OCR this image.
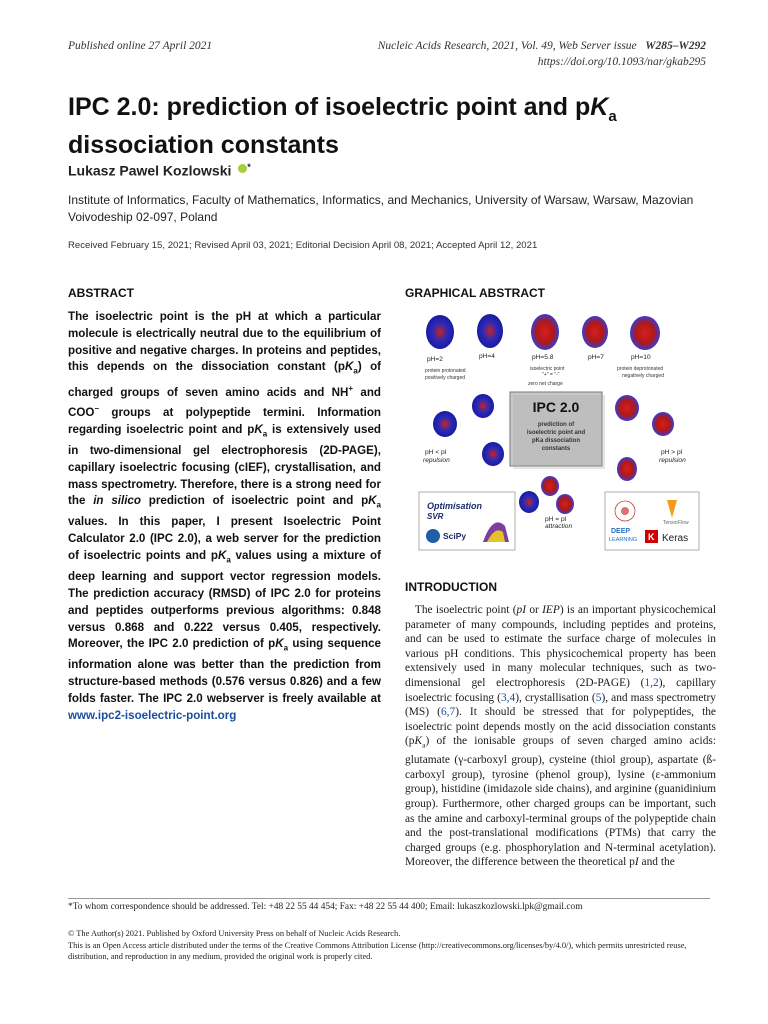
Published online 27 April 2021	Nucleic Acids Research, 2021, Vol. 49, Web Server issue W285–W292
https://doi.org/10.1093/nar/gkab295
IPC 2.0: prediction of isoelectric point and $pK_a$
dissociation constants
Lukasz Pawel Kozlowski *
Institute of Informatics, Faculty of Mathematics, Informatics, and Mechanics, University of Warsaw, Warsaw, Mazovian Voivodeship 02-097, Poland
Received February 15, 2021; Revised April 03, 2021; Editorial Decision April 08, 2021; Accepted April 12, 2021
ABSTRACT
The isoelectric point is the pH at which a particular molecule is electrically neutral due to the equilibrium of positive and negative charges. In proteins and peptides, this depends on the dissociation constant $(pK_a)$ of charged groups of seven amino acids and NH+ and COO− groups at polypeptide termini. Information regarding isoelectric point and $pK_a$ is extensively used in two-dimensional gel electrophoresis (2D-PAGE), capillary isoelectric focusing (cIEF), crystallisation, and mass spectrometry. Therefore, there is a strong need for the in silico prediction of isoelectric point and $pK_a$ values. In this paper, I present Isoelectric Point Calculator 2.0 (IPC 2.0), a web server for the prediction of isoelectric points and $pK_a$ values using a mixture of deep learning and support vector regression models. The prediction accuracy (RMSD) of IPC 2.0 for proteins and peptides outperforms previous algorithms: 0.848 versus 0.868 and 0.222 versus 0.405, respectively. Moreover, the IPC 2.0 prediction of $pK_a$ using sequence information alone was better than the prediction from structure-based methods (0.576 versus 0.826) and a few folds faster. The IPC 2.0 webserver is freely available at www.ipc2-isoelectric-point.org
GRAPHICAL ABSTRACT
pH=2	pH=4	pH=5.8	pH=7	pH=10
protein protonated
positively charged
isoelectric point
"+" = "-"
zero net charge
protein deprotonated
negatively charged
IPC 2.0
prediction of
isoelectric point and
pKa dissociation
constants
pH < pI
repulsion
pH > pI
repulsion
pH = pI
attraction
Optimisation
SVR
SciPy
TensorFlow
DEEP
LEARNING K Keras
INTRODUCTION
The isoelectric point (pI or IEP) is an important physicochemical parameter of many compounds, including peptides and proteins, and can be used to estimate the surface charge of molecules in various pH conditions. This physicochemical property has been extensively used in many molecular techniques, such as two-dimensional gel electrophoresis (2D-PAGE) (1,2), capillary isoelectric focusing (3,4), crystallisation (5), and mass spectrometry (MS) (6,7). It should be stressed that for polypeptides, the isoelectric point depends mostly on the acid dissociation constants $(pK_a)$ of the ionisable groups of seven charged amino acids: glutamate (γ-carboxyl group), cysteine (thiol group), aspartate (ß-carboxyl group), tyrosine (phenol group), lysine (ε-ammonium group), histidine (imidazole side chains), and arginine (guanidinium group). Furthermore, other charged groups can be important, such as the amine and carboxyl-terminal groups of the polypeptide chain and the post-translational modifications (PTMs) that carry the charged groups (e.g. phosphorylation and N-terminal acetylation). Moreover, the difference between the theoretical pI and the
*To whom correspondence should be addressed. Tel: +48 22 55 44 454; Fax: +48 22 55 44 400; Email: lukaszkozlowski.lpk@gmail.com
© The Author(s) 2021. Published by Oxford University Press on behalf of Nucleic Acids Research.
This is an Open Access article distributed under the terms of the Creative Commons Attribution License (http://creativecommons.org/licenses/by/4.0/), which permits unrestricted reuse, distribution, and reproduction in any medium, provided the original work is properly cited.
